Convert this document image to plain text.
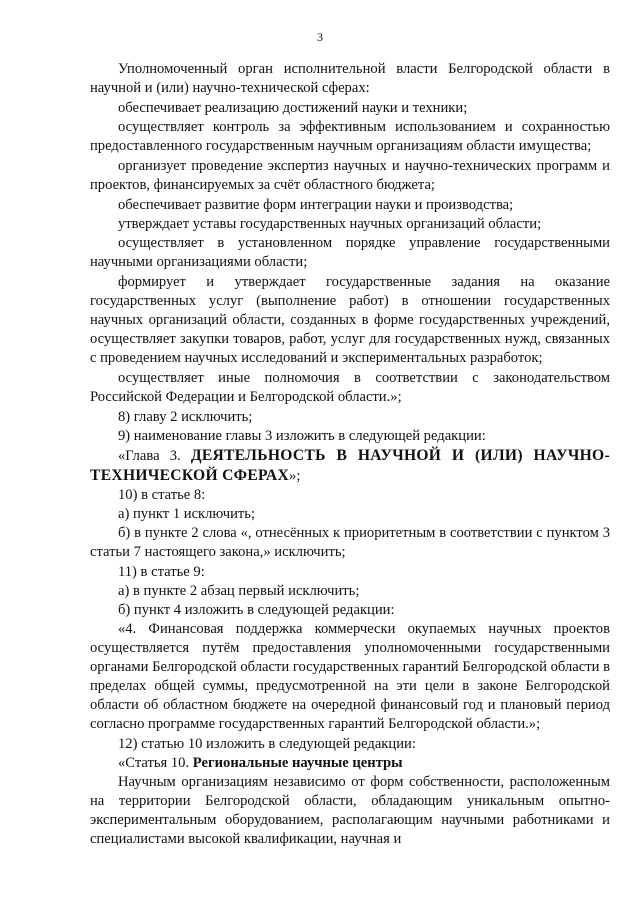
3

Уполномоченный орган исполнительной власти Белгородской области в научной и (или) научно-технической сферах:

обеспечивает реализацию достижений науки и техники;

осуществляет контроль за эффективным использованием и сохранностью предоставленного государственным научным организациям области имущества;

организует проведение экспертиз научных и научно-технических программ и проектов, финансируемых за счёт областного бюджета;

обеспечивает развитие форм интеграции науки и производства;

утверждает уставы государственных научных организаций области;

осуществляет в установленном порядке управление государственными научными организациями области;

формирует и утверждает государственные задания на оказание государственных услуг (выполнение работ) в отношении государственных научных организаций области, созданных в форме государственных учреждений, осуществляет закупки товаров, работ, услуг для государственных нужд, связанных с проведением научных исследований и экспериментальных разработок;

осуществляет иные полномочия в соответствии с законодательством Российской Федерации и Белгородской области.»;

8) главу 2 исключить;

9) наименование главы 3 изложить в следующей редакции:

«Глава 3. ДЕЯТЕЛЬНОСТЬ В НАУЧНОЙ И (ИЛИ) НАУЧНО-ТЕХНИЧЕСКОЙ СФЕРАХ»;

10) в статье 8:

а) пункт 1 исключить;

б) в пункте 2 слова «, отнесённых к приоритетным в соответствии с пунктом 3 статьи 7 настоящего закона,» исключить;

11) в статье 9:

а) в пункте 2 абзац первый исключить;

б) пункт 4 изложить в следующей редакции:

«4. Финансовая поддержка коммерчески окупаемых научных проектов осуществляется путём предоставления уполномоченными государственными органами Белгородской области государственных гарантий Белгородской области в пределах общей суммы, предусмотренной на эти цели в законе Белгородской области об областном бюджете на очередной финансовый год и плановый период согласно программе государственных гарантий Белгородской области.»;

12) статью 10 изложить в следующей редакции:

«Статья 10. Региональные научные центры

Научным организациям независимо от форм собственности, расположенным на территории Белгородской области, обладающим уникальным опытно-экспериментальным оборудованием, располагающим научными работниками и специалистами высокой квалификации, научная и
